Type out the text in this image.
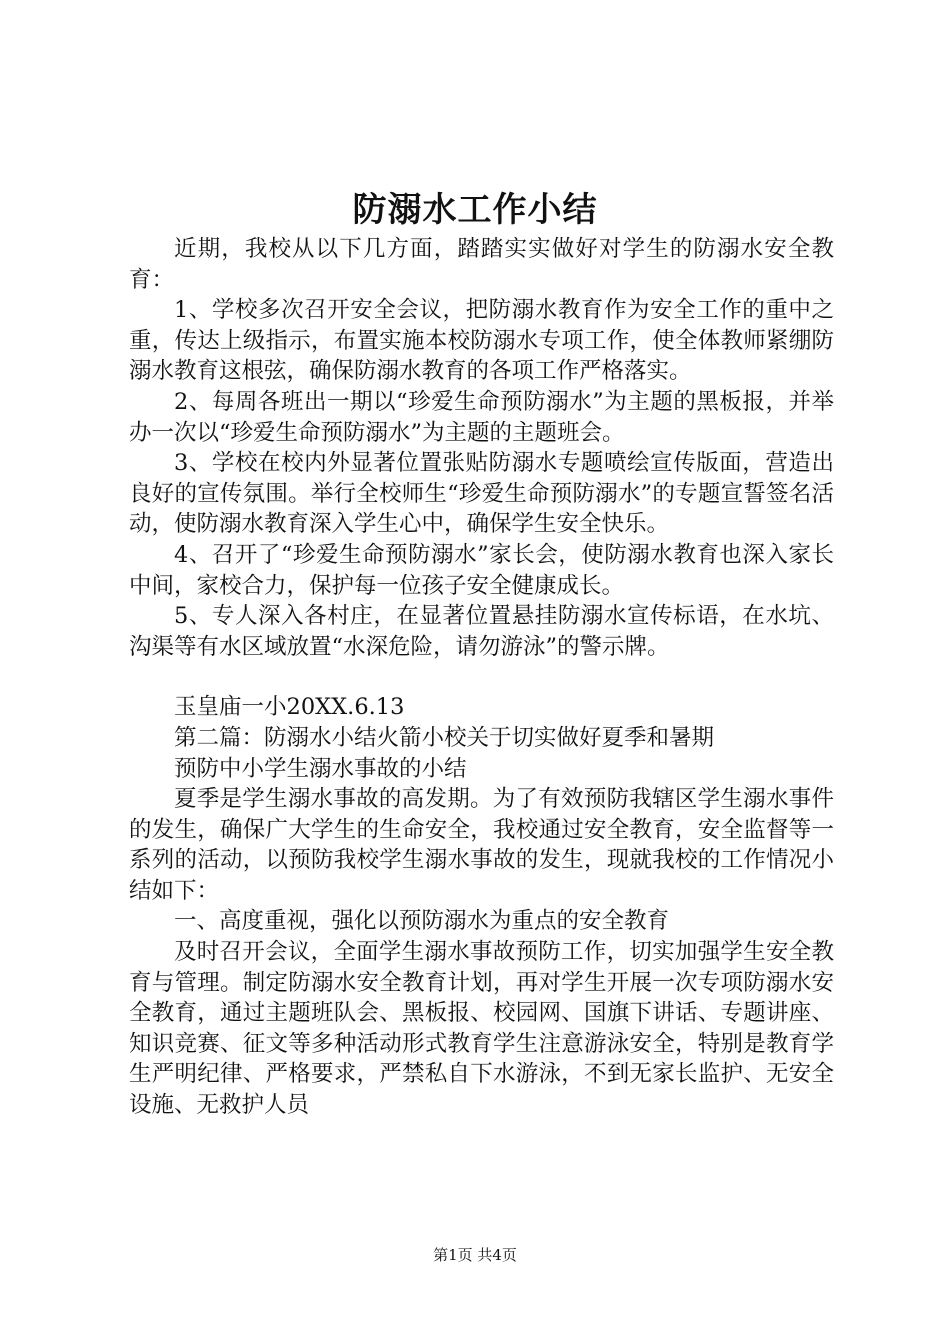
防溺水工作小结

近期，我校从以下几方面，踏踏实实做好对学生的防溺水安全教育：

1、学校多次召开安全会议，把防溺水教育作为安全工作的重中之重，传达上级指示，布置实施本校防溺水专项工作，使全体教师紧绷防溺水教育这根弦，确保防溺水教育的各项工作严格落实。

2、每周各班出一期以“珍爱生命预防溺水”为主题的黑板报，并举办一次以“珍爱生命预防溺水”为主题的主题班会。

3、学校在校内外显著位置张贴防溺水专题喷绘宣传版面，营造出良好的宣传氛围。举行全校师生“珍爱生命预防溺水”的专题宣誓签名活动，使防溺水教育深入学生心中，确保学生安全快乐。

4、召开了“珍爱生命预防溺水”家长会，使防溺水教育也深入家长中间，家校合力，保护每一位孩子安全健康成长。

5、专人深入各村庄，在显著位置悬挂防溺水宣传标语，在水坑、沟渠等有水区域放置“水深危险，请勿游泳”的警示牌。

玉皇庙一小20XX.6.13

第二篇：防溺水小结火箭小校关于切实做好夏季和暑期

预防中小学生溺水事故的小结

夏季是学生溺水事故的高发期。为了有效预防我辖区学生溺水事件的发生，确保广大学生的生命安全，我校通过安全教育，安全监督等一系列的活动，以预防我校学生溺水事故的发生，现就我校的工作情况小结如下：

一、高度重视，强化以预防溺水为重点的安全教育

及时召开会议，全面学生溺水事故预防工作，切实加强学生安全教育与管理。制定防溺水安全教育计划，再对学生开展一次专项防溺水安全教育，通过主题班队会、黑板报、校园网、国旗下讲话、专题讲座、知识竞赛、征文等多种活动形式教育学生注意游泳安全，特别是教育学生严明纪律、严格要求，严禁私自下水游泳，不到无家长监护、无安全设施、无救护人员

第1页 共4页
